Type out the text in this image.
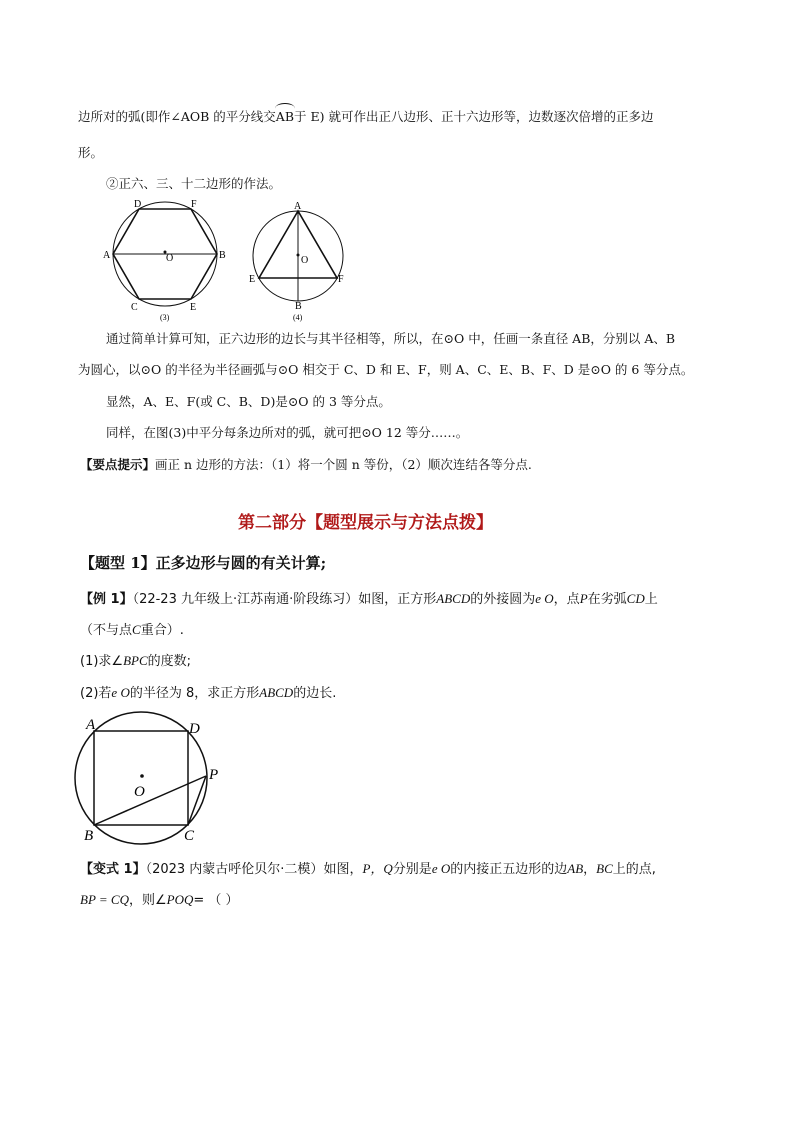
边所对的弧(即作∠AOB 的平分线交AB于 E) 就可作出正八边形、正十六边形等，边数逐次倍增的正多边
形。
②正六、三、十二边形的作法。
D	F
A	O	B
C	E
(3)
A
O
E	F
B
(4)
通过简单计算可知，正六边形的边长与其半径相等，所以，在⊙O 中，任画一条直径 AB，分别以 A、B
为圆心，以⊙O 的半径为半径画弧与⊙O 相交于 C、D 和 E、F，则 A、C、E、B、F、D 是⊙O 的 6 等分点。
显然，A、E、F(或 C、B、D)是⊙O 的 3 等分点。
同样，在图(3)中平分每条边所对的弧，就可把⊙O 12 等分……。
【要点提示】画正 n 边形的方法：（1）将一个圆 n 等份，（2）顺次连结各等分点.
第二部分【题型展示与方法点拨】
【题型 1】正多边形与圆的有关计算;
【例 1】（22-23 九年级上·江苏南通·阶段练习）如图，正方形ABCD的外接圆为e O，点P在劣弧CD上
（不与点C重合）.
(1)求∠BPC的度数;
(2)若e O的半径为 8，求正方形ABCD的边长.
A	D
P
O
B	C
【变式 1】（2023 内蒙古呼伦贝尔·二模）如图，P，Q分别是e O的内接正五边形的边AB，BC上的点,
BP = CQ，则∠POQ= （ ）
